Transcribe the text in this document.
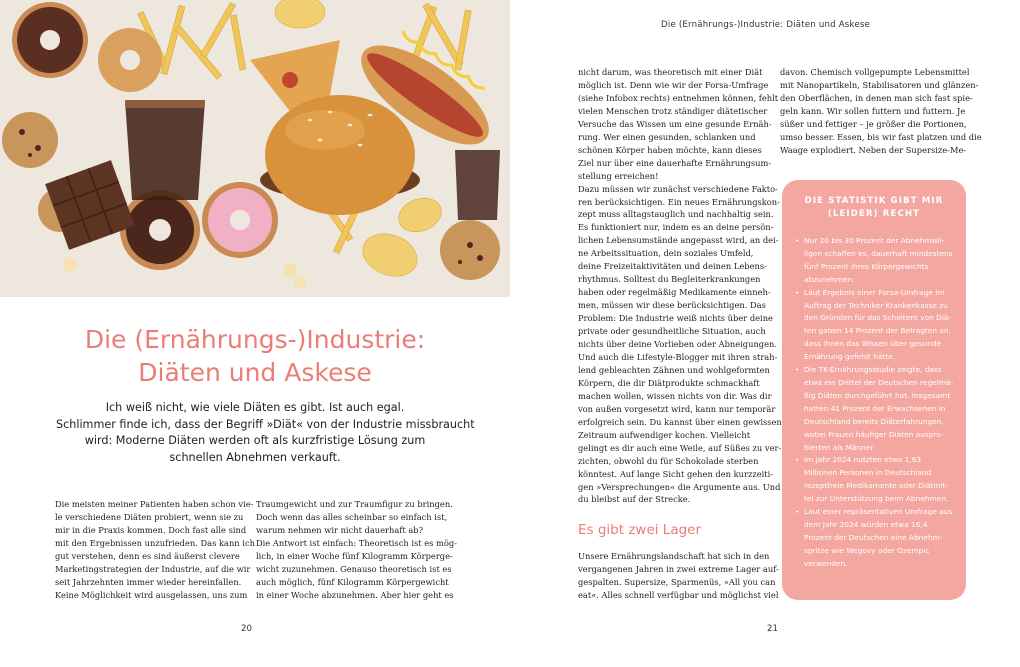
Die (Ernährungs-)Industrie:
Diäten und Askese
Ich weiß nicht, wie viele Diäten es gibt. Ist auch egal.
Schlimmer finde ich, dass der Begriff »Diät« von der Industrie missbraucht
wird: Moderne Diäten werden oft als kurzfristige Lösung zum
schnellen Abnehmen verkauft.
Die meisten meiner Patienten haben schon vie-
le verschiedene Diäten probiert, wenn sie zu
mir in die Praxis kommen. Doch fast alle sind
mit den Ergebnissen unzufrieden. Das kann ich
gut verstehen, denn es sind äußerst clevere
Marketingstrategien der Industrie, auf die wir
seit Jahrzehnten immer wieder hereinfallen.
Keine Möglichkeit wird ausgelassen, uns zum
Traumgewicht und zur Traumfigur zu bringen.
Doch wenn das alles scheinbar so einfach ist,
warum nehmen wir nicht dauerhaft ab?
Die Antwort ist einfach: Theoretisch ist es mög-
lich, in einer Woche fünf Kilogramm Körperge-
wicht zuzunehmen. Genauso theoretisch ist es
auch möglich, fünf Kilogramm Körpergewicht
in einer Woche abzunehmen. Aber hier geht es
20
Die (Ernährungs-)Industrie: Diäten und Askese
nicht darum, was theoretisch mit einer Diät
möglich ist. Denn wie wir der Forsa-Umfrage
(siehe Infobox rechts) entnehmen können, fehlt
vielen Menschen trotz ständiger diätetischer
Versuche das Wissen um eine gesunde Ernäh-
rung. Wer einen gesunden, schlanken und
schönen Körper haben möchte, kann dieses
Ziel nur über eine dauerhafte Ernährungsum-
stellung erreichen!
Dazu müssen wir zunächst verschiedene Fakto-
ren berücksichtigen. Ein neues Ernährungskon-
zept muss alltagstauglich und nachhaltig sein.
Es funktioniert nur, indem es an deine persön-
lichen Lebensumstände angepasst wird, an dei-
ne Arbeitssituation, dein soziales Umfeld,
deine Freizeitaktivitäten und deinen Lebens-
rhythmus. Solltest du Begleiterkrankungen
haben oder regelmäßig Medikamente einneh-
men, müssen wir diese berücksichtigen. Das
Problem: Die Industrie weiß nichts über deine
private oder gesundheitliche Situation, auch
nichts über deine Vorlieben oder Abneigungen.
Und auch die Lifestyle-Blogger mit ihren strah-
lend gebleachten Zähnen und wohlgeformten
Körpern, die dir Diätprodukte schmackhaft
machen wollen, wissen nichts von dir. Was dir
von außen vorgesetzt wird, kann nur temporär
erfolgreich sein. Du kannst über einen gewissen
Zeitraum aufwendiger kochen. Vielleicht
gelingt es dir auch eine Weile, auf Süßes zu ver-
zichten, obwohl du für Schokolade sterben
könntest. Auf lange Sicht gehen den kurzzeiti-
gen »Versprechungen« die Argumente aus. Und
du bleibst auf der Strecke.
Es gibt zwei Lager
Unsere Ernährungslandschaft hat sich in den
vergangenen Jahren in zwei extreme Lager auf-
gespalten. Supersize, Sparmenüs, »All you can
eat«. Alles schnell verfügbar und möglichst viel
davon. Chemisch vollgepumpte Lebensmittel
mit Nanopartikeln, Stabilisatoren und glänzen-
den Oberflächen, in denen man sich fast spie-
geln kann. Wir sollen futtern und futtern. Je
süßer und fettiger – je größer die Portionen,
umso besser. Essen, bis wir fast platzen und die
Waage explodiert. Neben der Supersize-Me-
DIE STATISTIK GIBT MIR
(LEIDER) RECHT
• Nur 20 bis 30 Prozent der Abnehmwil-
ligen schaffen es, dauerhaft mindestens
fünf Prozent ihres Körpergewichts
abzunehmen.
• Laut Ergebnis einer Forsa-Umfrage im
Auftrag der Techniker Krankenkasse zu
den Gründen für das Scheitern von Diä-
ten gaben 14 Prozent der Befragten an,
dass ihnen das Wissen über gesunde
Ernährung gefehlt hätte.
• Die TK-Ernährungsstudie zeigte, dass
etwa ein Drittel der Deutschen regelmä-
ßig Diäten durchgeführt hat. Insgesamt
hatten 41 Prozent der Erwachsenen in
Deutschland bereits Diäterfahrungen,
wobei Frauen häufiger Diäten auspro-
bierten als Männer.
• Im Jahr 2024 nutzten etwa 1,63
Millionen Personen in Deutschland
rezeptfreie Medikamente oder Diätmit-
tel zur Unterstützung beim Abnehmen.
• Laut einer repräsentativen Umfrage aus
dem Jahr 2024 würden etwa 16,4
Prozent der Deutschen eine Abnehm-
spritze wie Wegovy oder Ozempic
verwenden.
21
